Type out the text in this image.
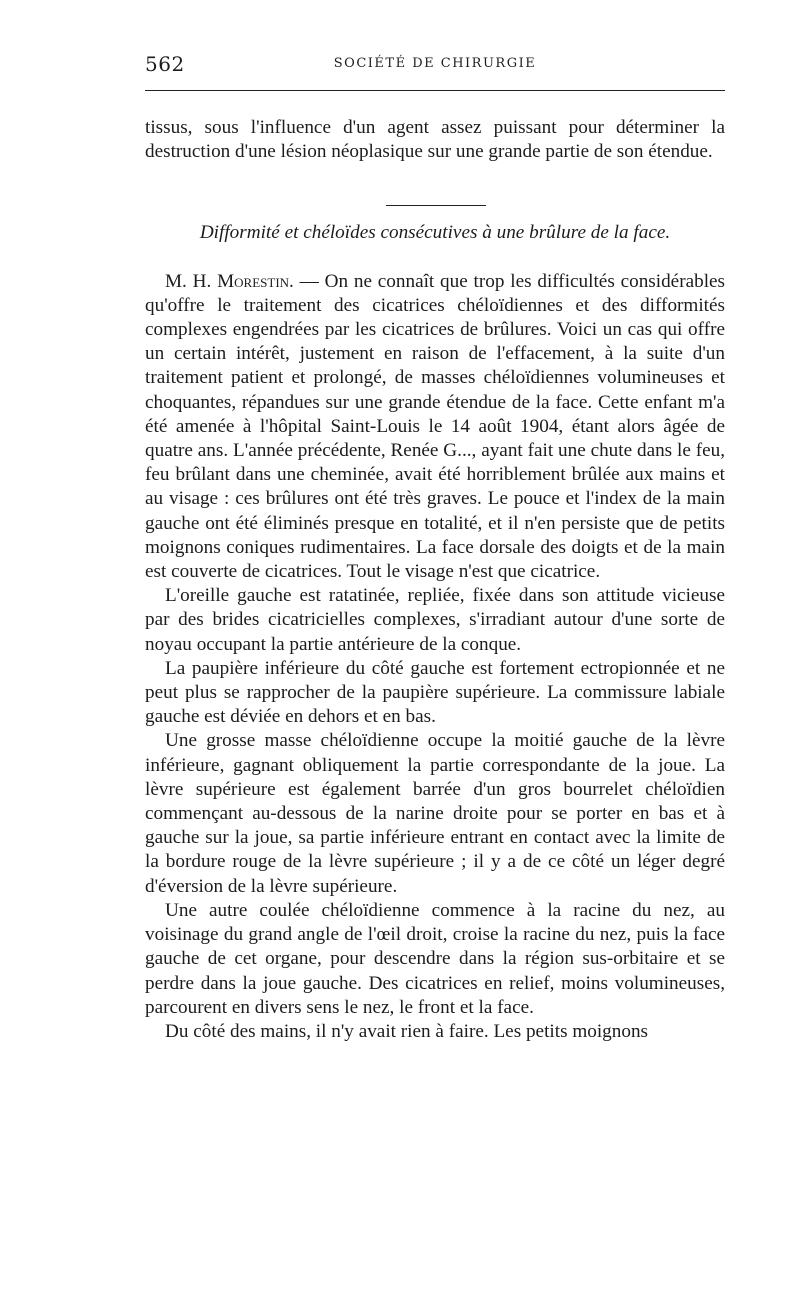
562	SOCIÉTÉ DE CHIRURGIE

tissus, sous l'influence d'un agent assez puissant pour déterminer la destruction d'une lésion néoplasique sur une grande partie de son étendue.

Difformité et chéloïdes consécutives à une brûlure de la face.

M. H. Morestin. — On ne connaît que trop les difficultés considérables qu'offre le traitement des cicatrices chéloïdiennes et des difformités complexes engendrées par les cicatrices de brûlures. Voici un cas qui offre un certain intérêt, justement en raison de l'effacement, à la suite d'un traitement patient et prolongé, de masses chéloïdiennes volumineuses et choquantes, répandues sur une grande étendue de la face. Cette enfant m'a été amenée à l'hôpital Saint-Louis le 14 août 1904, étant alors âgée de quatre ans. L'année précédente, Renée G..., ayant fait une chute dans le feu, feu brûlant dans une cheminée, avait été horriblement brûlée aux mains et au visage : ces brûlures ont été très graves. Le pouce et l'index de la main gauche ont été éliminés presque en totalité, et il n'en persiste que de petits moignons coniques rudimentaires. La face dorsale des doigts et de la main est couverte de cicatrices. Tout le visage n'est que cicatrice.

L'oreille gauche est ratatinée, repliée, fixée dans son attitude vicieuse par des brides cicatricielles complexes, s'irradiant autour d'une sorte de noyau occupant la partie antérieure de la conque.

La paupière inférieure du côté gauche est fortement ectropionnée et ne peut plus se rapprocher de la paupière supérieure. La commissure labiale gauche est déviée en dehors et en bas.

Une grosse masse chéloïdienne occupe la moitié gauche de la lèvre inférieure, gagnant obliquement la partie correspondante de la joue. La lèvre supérieure est également barrée d'un gros bourrelet chéloïdien commençant au-dessous de la narine droite pour se porter en bas et à gauche sur la joue, sa partie inférieure entrant en contact avec la limite de la bordure rouge de la lèvre supérieure ; il y a de ce côté un léger degré d'éversion de la lèvre supérieure.

Une autre coulée chéloïdienne commence à la racine du nez, au voisinage du grand angle de l'œil droit, croise la racine du nez, puis la face gauche de cet organe, pour descendre dans la région sus-orbitaire et se perdre dans la joue gauche. Des cicatrices en relief, moins volumineuses, parcourent en divers sens le nez, le front et la face.

Du côté des mains, il n'y avait rien à faire. Les petits moignons
